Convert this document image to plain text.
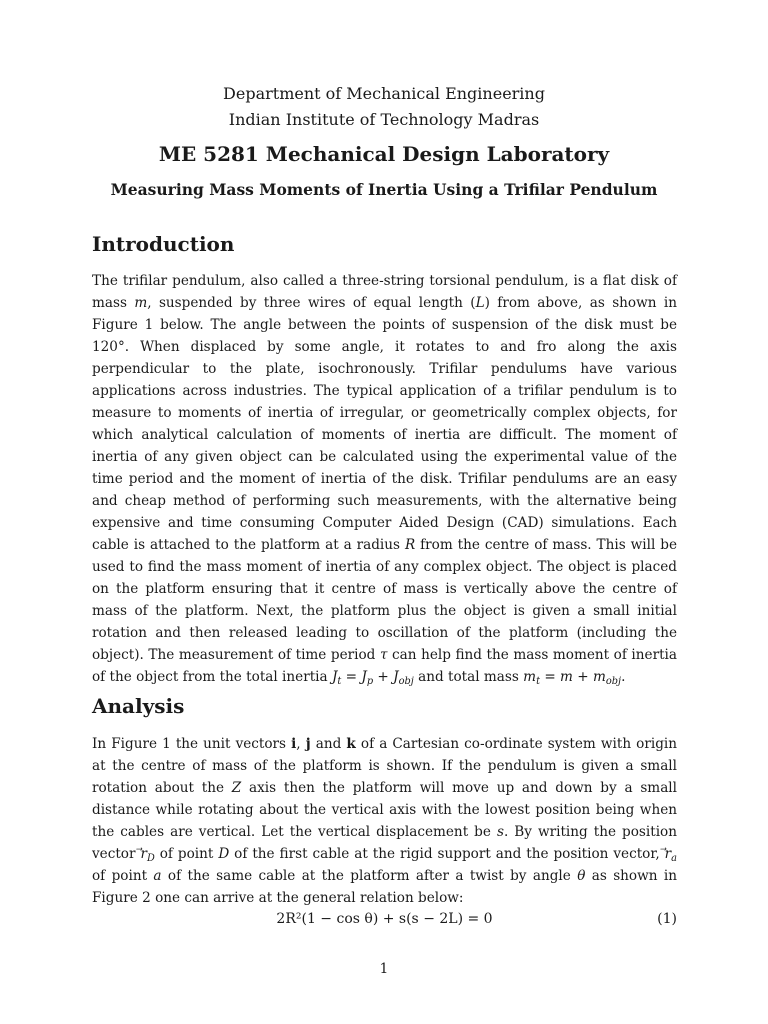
Department of Mechanical Engineering
Indian Institute of Technology Madras
ME 5281 Mechanical Design Laboratory
Measuring Mass Moments of Inertia Using a Trifilar Pendulum
Introduction
The trifilar pendulum, also called a three-string torsional pendulum, is a flat disk of mass m, suspended by three wires of equal length (L) from above, as shown in Figure 1 below. The angle between the points of suspension of the disk must be 120°. When displaced by some angle, it rotates to and fro along the axis perpendicular to the plate, isochronously. Trifilar pendulums have various applications across industries. The typical application of a trifilar pendulum is to measure to moments of inertia of irregular, or geometrically complex objects, for which analytical calculation of moments of inertia are difficult. The moment of inertia of any given object can be calculated using the experimental value of the time period and the moment of inertia of the disk. Trifilar pendulums are an easy and cheap method of performing such measurements, with the alternative being expensive and time consuming Computer Aided Design (CAD) simulations. Each cable is attached to the platform at a radius R from the centre of mass. This will be used to find the mass moment of inertia of any complex object. The object is placed on the platform ensuring that it centre of mass is vertically above the centre of mass of the platform. Next, the platform plus the object is given a small initial rotation and then released leading to oscillation of the platform (including the object). The measurement of time period τ can help find the mass moment of inertia of the object from the total inertia $J_t = J_p + J_{obj}$ and total mass $m_t = m + m_{obj}$.
Analysis
In Figure 1 the unit vectors i, j and k of a Cartesian co-ordinate system with origin at the centre of mass of the platform is shown. If the pendulum is given a small rotation about the Z axis then the platform will move up and down by a small distance while rotating about the vertical axis with the lowest position being when the cables are vertical. Let the vertical displacement be s. By writing the position vector $r_D$ of point D of the first cable at the rigid support and the position vector, $r_a$ of point a of the same cable at the platform after a twist by angle θ as shown in Figure 2 one can arrive at the general relation below:
2R²(1 − cos θ) + s(s − 2L) = 0	(1)
1
